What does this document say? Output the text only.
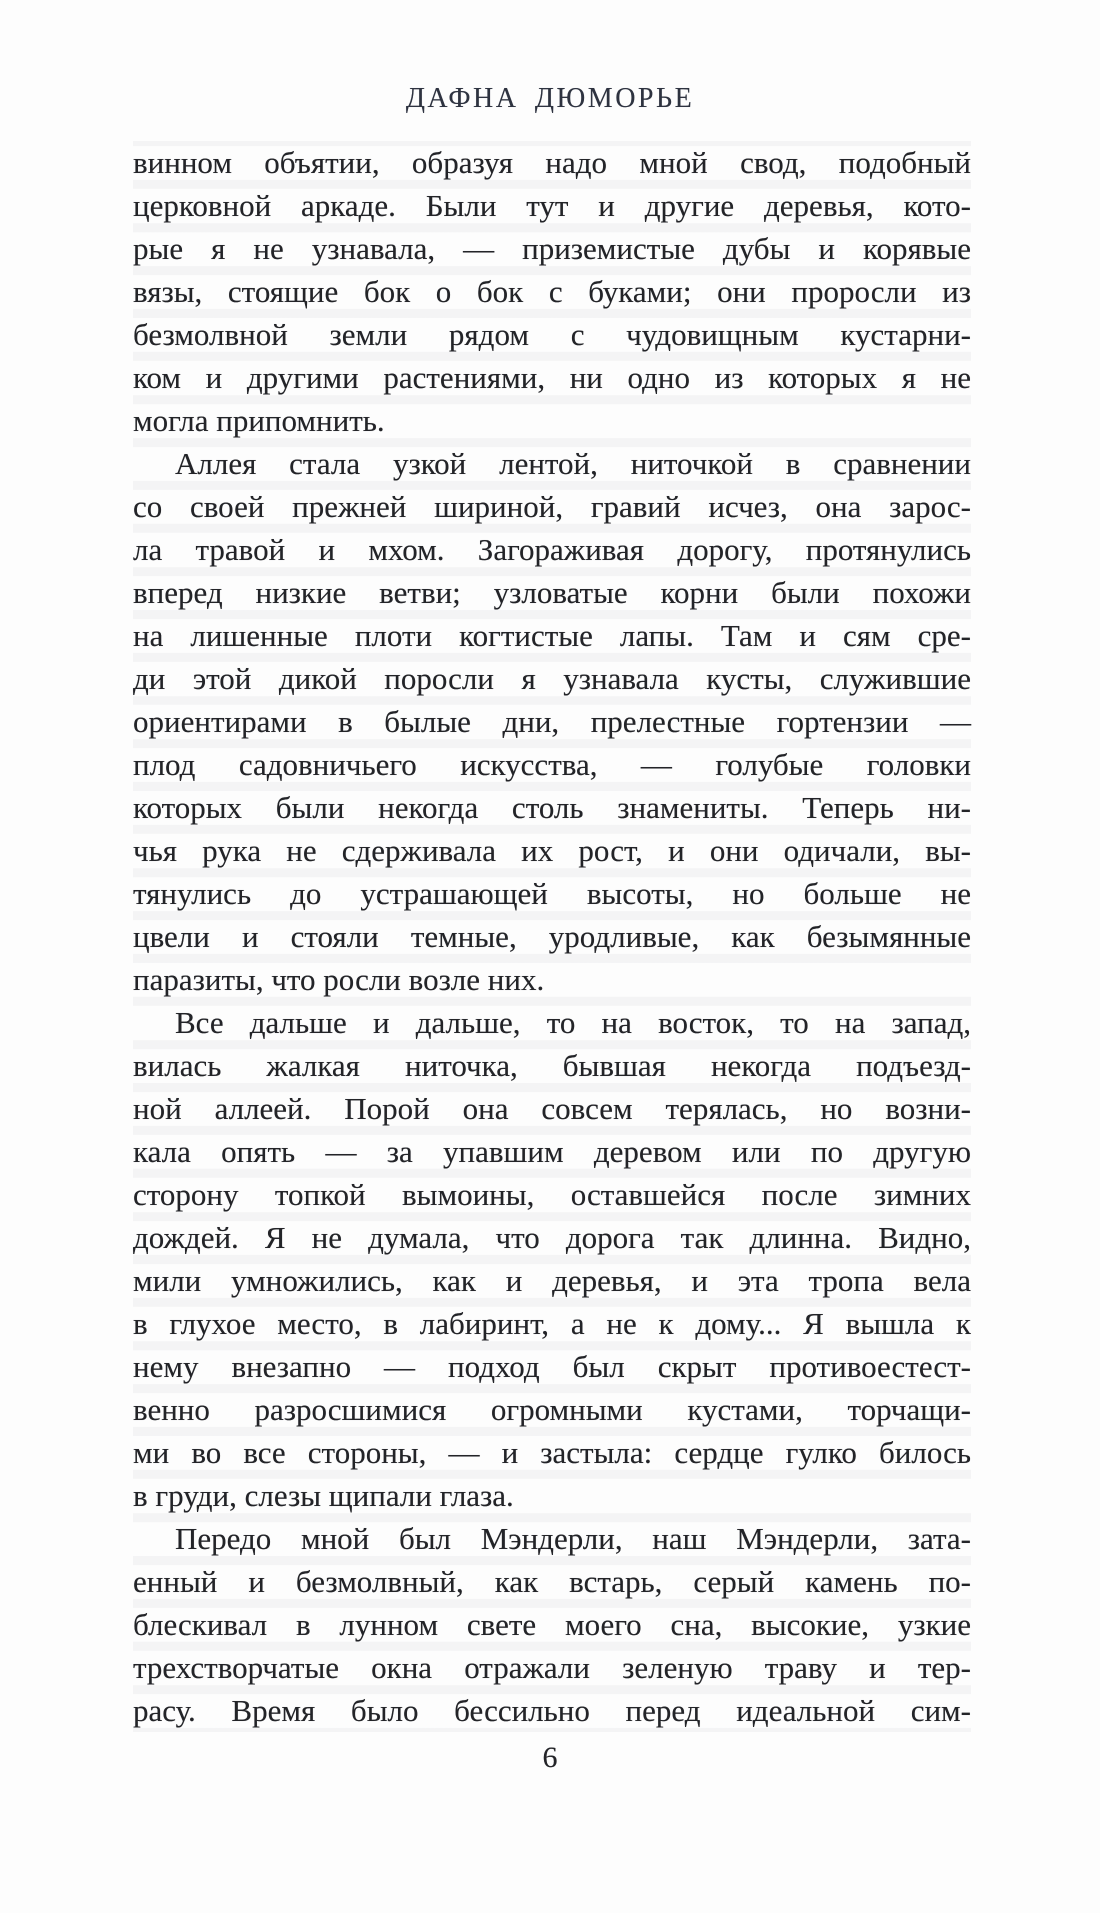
ДАФНА ДЮМОРЬЕ
винном объятии, образуя надо мной свод, подобный
церковной аркаде. Были тут и другие деревья, кото-
рые я не узнавала, — приземистые дубы и корявые
вязы, стоящие бок о бок с буками; они проросли из
безмолвной земли рядом с чудовищным кустарни-
ком и другими растениями, ни одно из которых я не
могла припомнить.
Аллея стала узкой лентой, ниточкой в сравнении
со своей прежней шириной, гравий исчез, она зарос-
ла травой и мхом. Загораживая дорогу, протянулись
вперед низкие ветви; узловатые корни были похожи
на лишенные плоти когтистые лапы. Там и сям сре-
ди этой дикой поросли я узнавала кусты, служившие
ориентирами в былые дни, прелестные гортензии —
плод садовничьего искусства, — голубые головки
которых были некогда столь знамениты. Теперь ни-
чья рука не сдерживала их рост, и они одичали, вы-
тянулись до устрашающей высоты, но больше не
цвели и стояли темные, уродливые, как безымянные
паразиты, что росли возле них.
Все дальше и дальше, то на восток, то на запад,
вилась жалкая ниточка, бывшая некогда подъезд-
ной аллеей. Порой она совсем терялась, но возни-
кала опять — за упавшим деревом или по другую
сторону топкой вымоины, оставшейся после зимних
дождей. Я не думала, что дорога так длинна. Видно,
мили умножились, как и деревья, и эта тропа вела
в глухое место, в лабиринт, а не к дому... Я вышла к
нему внезапно — подход был скрыт противоестест-
венно разросшимися огромными кустами, торчащи-
ми во все стороны, — и застыла: сердце гулко билось
в груди, слезы щипали глаза.
Передо мной был Мэндерли, наш Мэндерли, зата-
енный и безмолвный, как встарь, серый камень по-
блескивал в лунном свете моего сна, высокие, узкие
трехстворчатые окна отражали зеленую траву и тер-
расу. Время было бессильно перед идеальной сим-
6
